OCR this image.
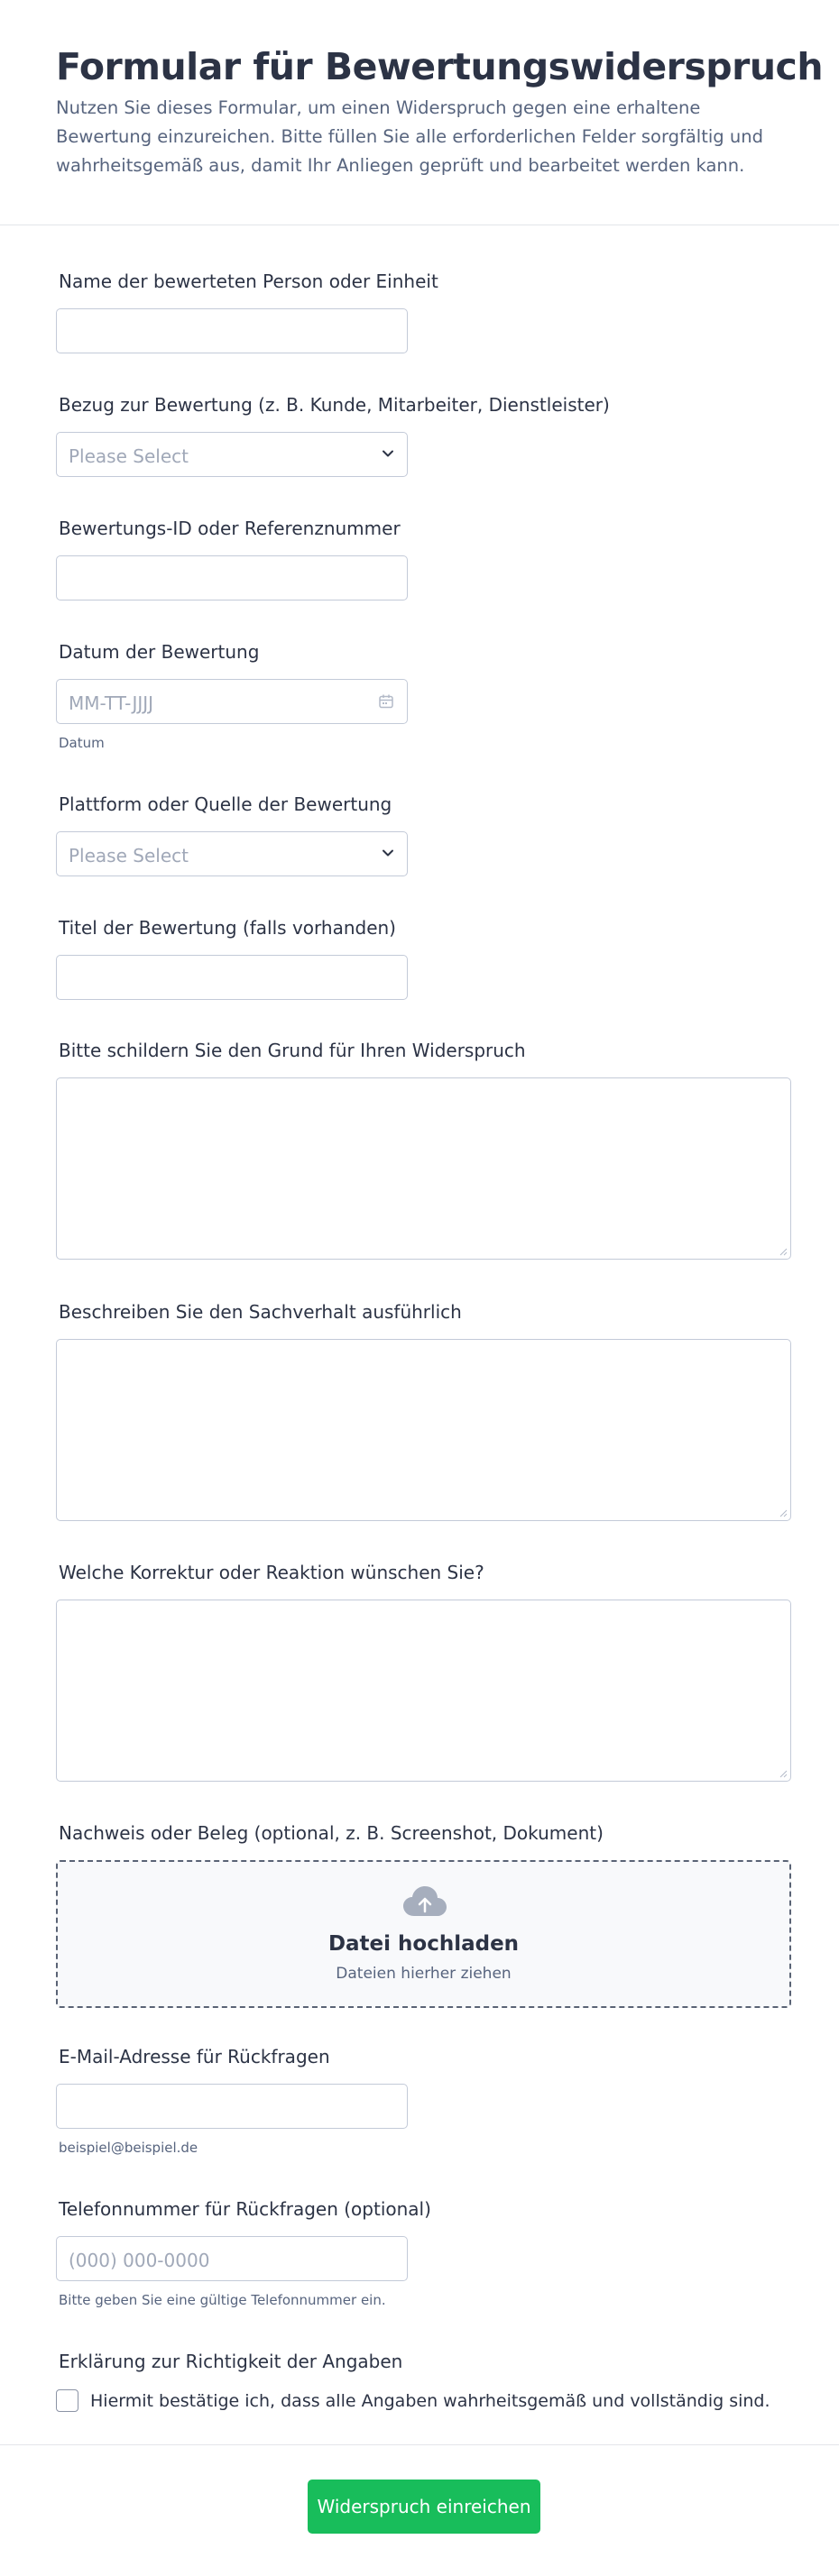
Formular für Bewertungswiderspruch

Nutzen Sie dieses Formular, um einen Widerspruch gegen eine erhaltene Bewertung einzureichen. Bitte füllen Sie alle erforderlichen Felder sorgfältig und wahrheitsgemäß aus, damit Ihr Anliegen geprüft und bearbeitet werden kann.

Name der bewerteten Person oder Einheit
Bezug zur Bewertung (z. B. Kunde, Mitarbeiter, Dienstleister)
Please Select
Bewertungs-ID oder Referenznummer
Datum der Bewertung
MM-TT-JJJJ
Datum
Plattform oder Quelle der Bewertung
Please Select
Titel der Bewertung (falls vorhanden)
Bitte schildern Sie den Grund für Ihren Widerspruch
Beschreiben Sie den Sachverhalt ausführlich
Welche Korrektur oder Reaktion wünschen Sie?
Nachweis oder Beleg (optional, z. B. Screenshot, Dokument)
Datei hochladen
Dateien hierher ziehen
E-Mail-Adresse für Rückfragen
beispiel@beispiel.de
Telefonnummer für Rückfragen (optional)
(000) 000-0000
Bitte geben Sie eine gültige Telefonnummer ein.
Erklärung zur Richtigkeit der Angaben
Hiermit bestätige ich, dass alle Angaben wahrheitsgemäß und vollständig sind.
Widerspruch einreichen
